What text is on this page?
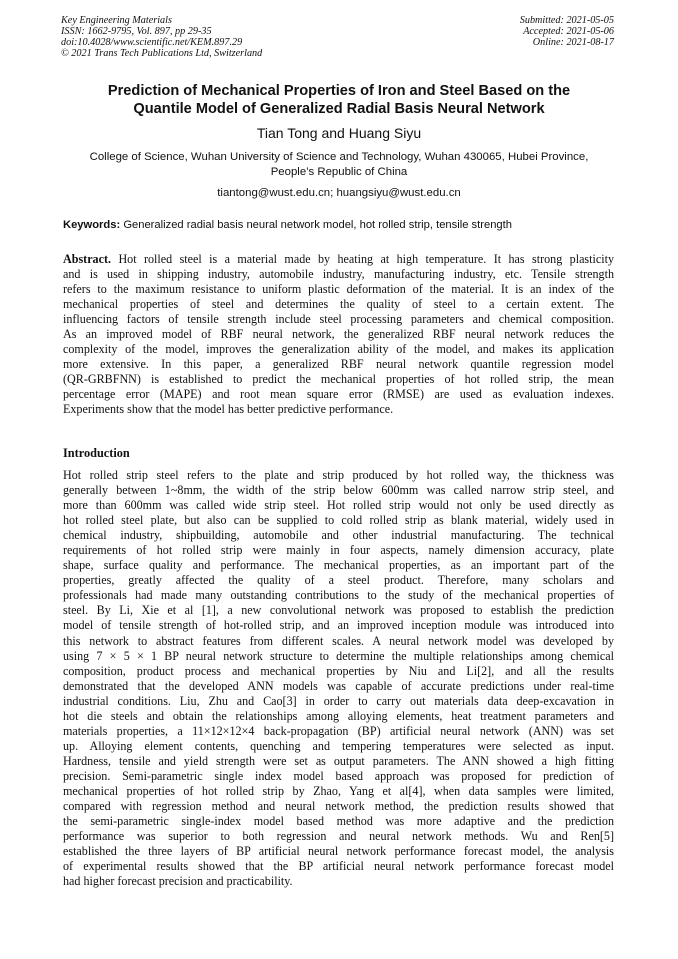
Key Engineering Materials
ISSN: 1662-9795, Vol. 897, pp 29-35
doi:10.4028/www.scientific.net/KEM.897.29
© 2021 Trans Tech Publications Ltd, Switzerland
Submitted: 2021-05-05
Accepted: 2021-05-06
Online: 2021-08-17
Prediction of Mechanical Properties of Iron and Steel Based on the
Quantile Model of Generalized Radial Basis Neural Network
Tian Tong and Huang Siyu
College of Science, Wuhan University of Science and Technology, Wuhan 430065, Hubei Province,
People’s Republic of China
tiantong@wust.edu.cn; huangsiyu@wust.edu.cn
Keywords: Generalized radial basis neural network model, hot rolled strip, tensile strength
Abstract. Hot rolled steel is a material made by heating at high temperature. It has strong plasticity
and is used in shipping industry, automobile industry, manufacturing industry, etc. Tensile strength
refers to the maximum resistance to uniform plastic deformation of the material. It is an index of the
mechanical properties of steel and determines the quality of steel to a certain extent. The
influencing factors of tensile strength include steel processing parameters and chemical composition.
As an improved model of RBF neural network, the generalized RBF neural network reduces the
complexity of the model, improves the generalization ability of the model, and makes its application
more extensive. In this paper, a generalized RBF neural network quantile regression model
(QR-GRBFNN) is established to predict the mechanical properties of hot rolled strip, the mean
percentage error (MAPE) and root mean square error (RMSE) are used as evaluation indexes.
Experiments show that the model has better predictive performance.
Introduction
Hot rolled strip steel refers to the plate and strip produced by hot rolled way, the thickness was
generally between 1~8mm, the width of the strip below 600mm was called narrow strip steel, and
more than 600mm was called wide strip steel. Hot rolled strip would not only be used directly as
hot rolled steel plate, but also can be supplied to cold rolled strip as blank material, widely used in
chemical industry, shipbuilding, automobile and other industrial manufacturing. The technical
requirements of hot rolled strip were mainly in four aspects, namely dimension accuracy, plate
shape, surface quality and performance. The mechanical properties, as an important part of the
properties, greatly affected the quality of a steel product. Therefore, many scholars and
professionals had made many outstanding contributions to the study of the mechanical properties of
steel. By Li, Xie et al [1], a new convolutional network was proposed to establish the prediction
model of tensile strength of hot-rolled strip, and an improved inception module was introduced into
this network to abstract features from different scales. A neural network model was developed by
using 7 × 5 × 1 BP neural network structure to determine the multiple relationships among chemical
composition, product process and mechanical properties by Niu and Li[2], and all the results
demonstrated that the developed ANN models was capable of accurate predictions under real-time
industrial conditions. Liu, Zhu and Cao[3] in order to carry out materials data deep-excavation in
hot die steels and obtain the relationships among alloying elements, heat treatment parameters and
materials properties, a 11×12×12×4 back-propagation (BP) artificial neural network (ANN) was set
up. Alloying element contents, quenching and tempering temperatures were selected as input.
Hardness, tensile and yield strength were set as output parameters. The ANN showed a high fitting
precision. Semi-parametric single index model based approach was proposed for prediction of
mechanical properties of hot rolled strip by Zhao, Yang et al[4], when data samples were limited,
compared with regression method and neural network method, the prediction results showed that
the semi-parametric single-index model based method was more adaptive and the prediction
performance was superior to both regression and neural network methods. Wu and Ren[5]
established the three layers of BP artificial neural network performance forecast model, the analysis
of experimental results showed that the BP artificial neural network performance forecast model
had higher forecast precision and practicability.
